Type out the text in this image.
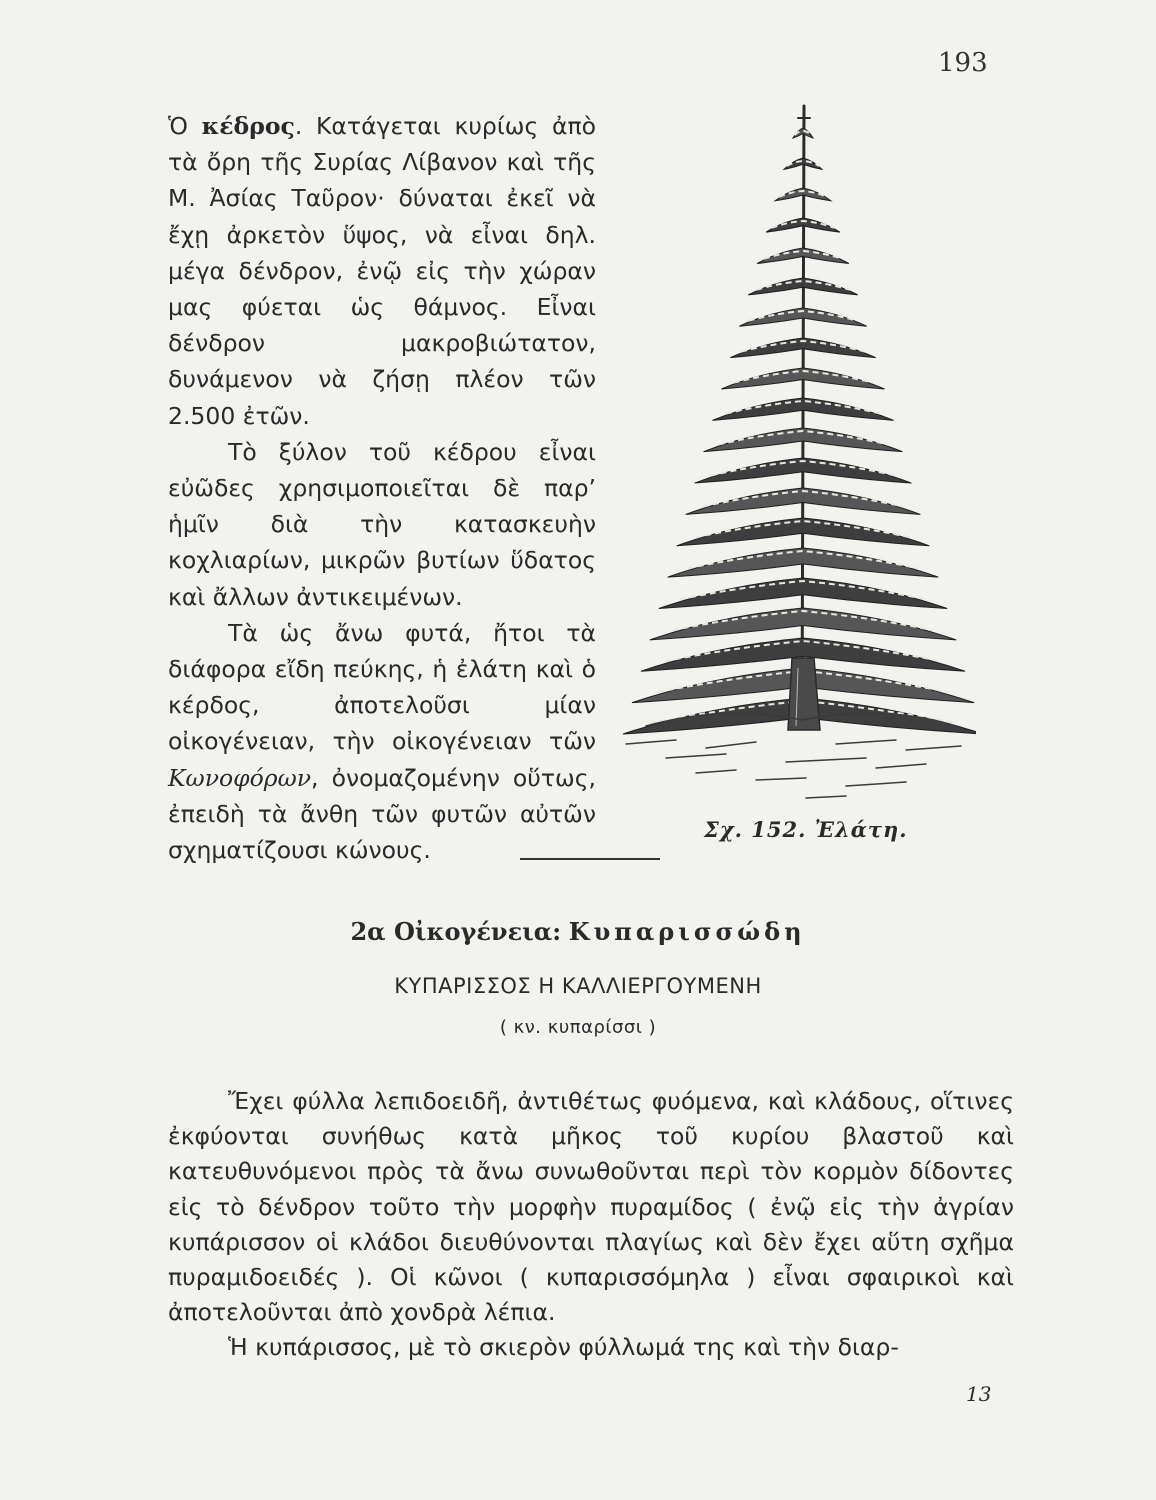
193

Ὁ κέδρος. Κατάγεται κυρίως ἀπὸ τὰ ὄρη τῆς Συρίας Λίβανον καὶ τῆς Μ. Ἀσίας Ταῦρον· δύναται ἐκεῖ νὰ ἔχῃ ἀρκετὸν ὕψος, νὰ εἶναι δηλ. μέγα δένδρον, ἐνῷ εἰς τὴν χώραν μας φύεται ὡς θάμνος. Εἶναι δένδρον μακροβιώτατον, δυνάμενον νὰ ζήσῃ πλέον τῶν 2.500 ἐτῶν.

Τὸ ξύλον τοῦ κέδρου εἶναι εὐῶδες χρησιμοποιεῖται δὲ παρ’ ἡμῖν διὰ τὴν κατασκευὴν κοχλιαρίων, μικρῶν βυτίων ὕδατος καὶ ἄλλων ἀντικειμένων.

Τὰ ὡς ἄνω φυτά, ἤτοι τὰ διάφορα εἴδη πεύκης, ἡ ἐλάτη καὶ ὁ κέρδος, ἀποτελοῦσι μίαν οἰκογένειαν, τὴν οἰκογένειαν τῶν Κωνοφόρων, ὀνομαζομένην οὕτως, ἐπειδὴ τὰ ἄνθη τῶν φυτῶν αὐτῶν σχηματίζουσι κώνους.

Σχ. 152. Ἐλάτη.
2α Οἰκογένεια: Κυπαρισσώδη
ΚΥΠΑΡΙΣΣΟΣ Η ΚΑΛΛΙΕΡΓΟΥΜΕΝΗ
( κν. κυπαρίσσι )

Ἔχει φύλλα λεπιδοειδῆ, ἀντιθέτως φυόμενα, καὶ κλάδους, οἵτινες ἐκφύονται συνήθως κατὰ μῆκος τοῦ κυρίου βλαστοῦ καὶ κατευθυνόμενοι πρὸς τὰ ἄνω συνωθοῦνται περὶ τὸν κορμὸν δίδοντες εἰς τὸ δένδρον τοῦτο τὴν μορφὴν πυραμίδος ( ἐνῷ εἰς τὴν ἀγρίαν κυπάρισσον οἱ κλάδοι διευθύνονται πλαγίως καὶ δὲν ἔχει αὕτη σχῆμα πυραμιδοειδές ). Οἱ κῶνοι ( κυπαρισσόμηλα ) εἶναι σφαιρικοὶ καὶ ἀποτελοῦνται ἀπὸ χονδρὰ λέπια.

Ἡ κυπάρισσος, μὲ τὸ σκιερὸν φύλλωμά της καὶ τὴν διαρ-

13
